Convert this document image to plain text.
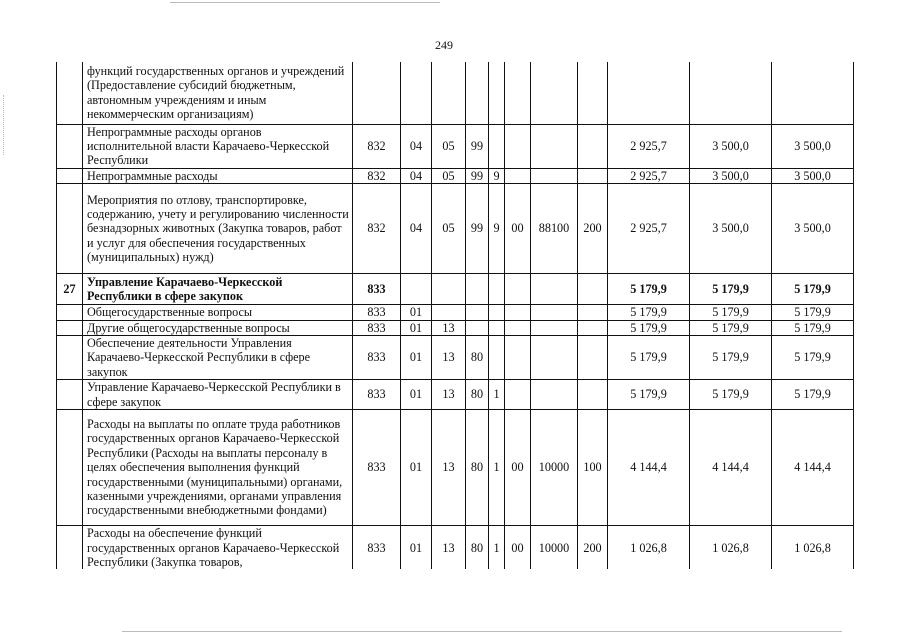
249
	функций государственных органов и учреждений (Предоставление субсидий бюджетным, автономным учреждениям и иным некоммерческим организациям)											
	Непрограммные расходы органов исполнительной власти Карачаево-Черкесской Республики	832	04	05	99					2 925,7	3 500,0	3 500,0
	Непрограммные расходы	832	04	05	99	9				2 925,7	3 500,0	3 500,0
	Мероприятия по отлову, транспортировке, содержанию, учету и регулированию численности безнадзорных животных (Закупка товаров, работ и услуг для обеспечения государственных (муниципальных) нужд)	832	04	05	99	9	00	88100	200	2 925,7	3 500,0	3 500,0
27	Управление Карачаево-Черкесской Республики в сфере закупок	833								5 179,9	5 179,9	5 179,9
	Общегосударственные вопросы	833	01							5 179,9	5 179,9	5 179,9
	Другие общегосударственные вопросы	833	01	13						5 179,9	5 179,9	5 179,9
	Обеспечение деятельности Управления Карачаево-Черкесской Республики в сфере закупок	833	01	13	80					5 179,9	5 179,9	5 179,9
	Управление Карачаево-Черкесской Республики в сфере закупок	833	01	13	80	1				5 179,9	5 179,9	5 179,9
	Расходы на выплаты по оплате труда работников государственных органов Карачаево-Черкесской Республики (Расходы на выплаты персоналу в целях обеспечения выполнения функций государственными (муниципальными) органами, казенными учреждениями, органами управления государственными внебюджетными фондами)	833	01	13	80	1	00	10000	100	4 144,4	4 144,4	4 144,4
	Расходы на обеспечение функций государственных органов Карачаево-Черкесской Республики (Закупка товаров,	833	01	13	80	1	00	10000	200	1 026,8	1 026,8	1 026,8
